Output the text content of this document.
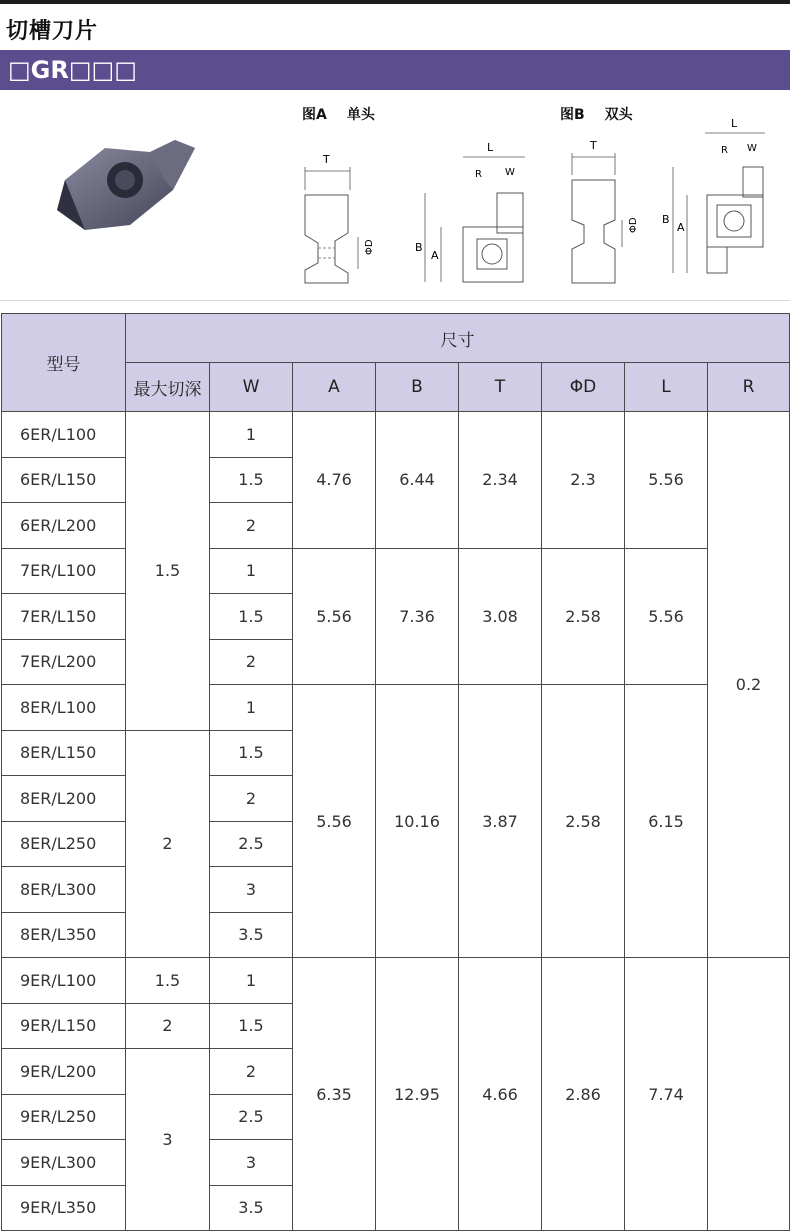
切槽刀片
□GR□□□
图A 单头	图B 双头
T
ΦD
L
R W
B
A
T
ΦD
L
R W
B
A
型号	尺寸							
	最大切深	W	A	B	T	ΦD	L	R
6ER/L100	1.5	1	4.76	6.44	2.34	2.3	5.56	0.2
6ER/L150		1.5						
6ER/L200		2						
7ER/L100		1	5.56	7.36	3.08	2.58	5.56	
7ER/L150		1.5						
7ER/L200		2						
8ER/L100		1	5.56	10.16	3.87	2.58	6.15	
8ER/L150	2	1.5						
8ER/L200		2						
8ER/L250		2.5						
8ER/L300		3						
8ER/L350		3.5						
9ER/L100	1.5	1	6.35	12.95	4.66	2.86	7.74	
9ER/L150	2	1.5						
9ER/L200	3	2						
9ER/L250		2.5						
9ER/L300		3						
9ER/L350		3.5						
